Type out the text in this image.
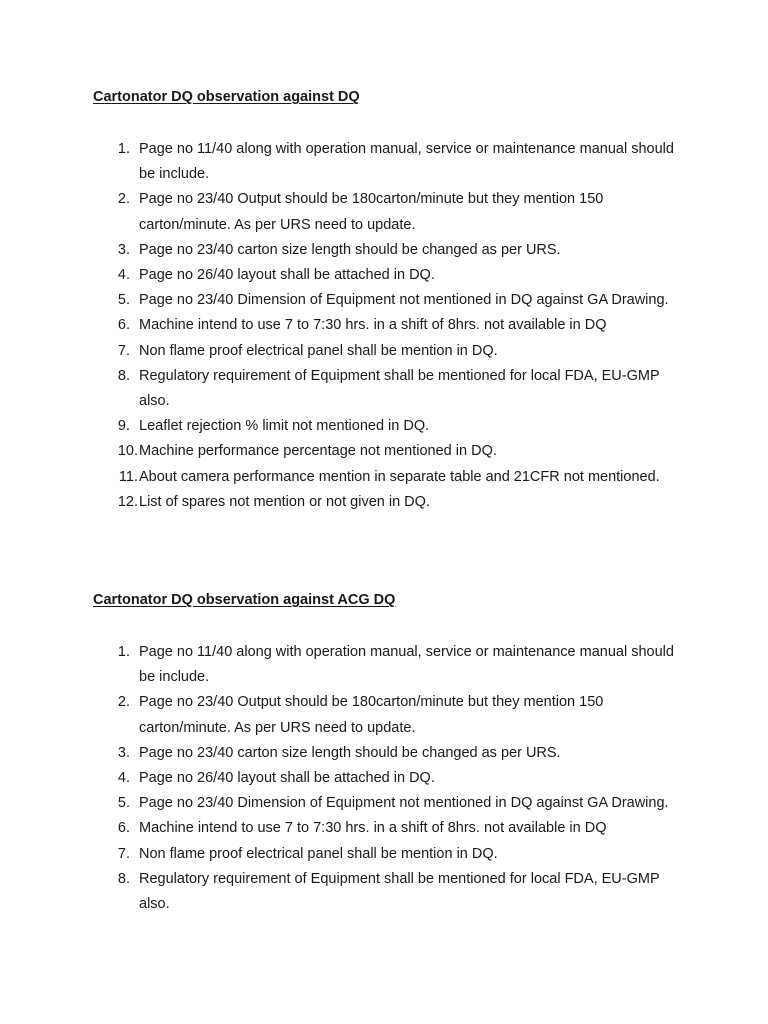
Cartonator DQ observation against DQ
1. Page no 11/40 along with operation manual, service or maintenance manual should be include.
2. Page no 23/40 Output should be 180carton/minute but they mention 150 carton/minute. As per URS need to update.
3. Page no 23/40 carton size length should be changed as per URS.
4. Page no 26/40 layout shall be attached in DQ.
5. Page no 23/40 Dimension of Equipment not mentioned in DQ against GA Drawing.
6. Machine intend to use 7 to 7:30 hrs. in a shift of 8hrs. not available in DQ
7. Non flame proof electrical panel shall be mention in DQ.
8. Regulatory requirement of Equipment shall be mentioned for local FDA, EU-GMP also.
9. Leaflet rejection % limit not mentioned in DQ.
10. Machine performance percentage not mentioned in DQ.
11. About camera performance mention in separate table and 21CFR not mentioned.
12. List of spares not mention or not given in DQ.
Cartonator DQ observation against ACG DQ
1. Page no 11/40 along with operation manual, service or maintenance manual should be include.
2. Page no 23/40 Output should be 180carton/minute but they mention 150 carton/minute. As per URS need to update.
3. Page no 23/40 carton size length should be changed as per URS.
4. Page no 26/40 layout shall be attached in DQ.
5. Page no 23/40 Dimension of Equipment not mentioned in DQ against GA Drawing.
6. Machine intend to use 7 to 7:30 hrs. in a shift of 8hrs. not available in DQ
7. Non flame proof electrical panel shall be mention in DQ.
8. Regulatory requirement of Equipment shall be mentioned for local FDA, EU-GMP also.
